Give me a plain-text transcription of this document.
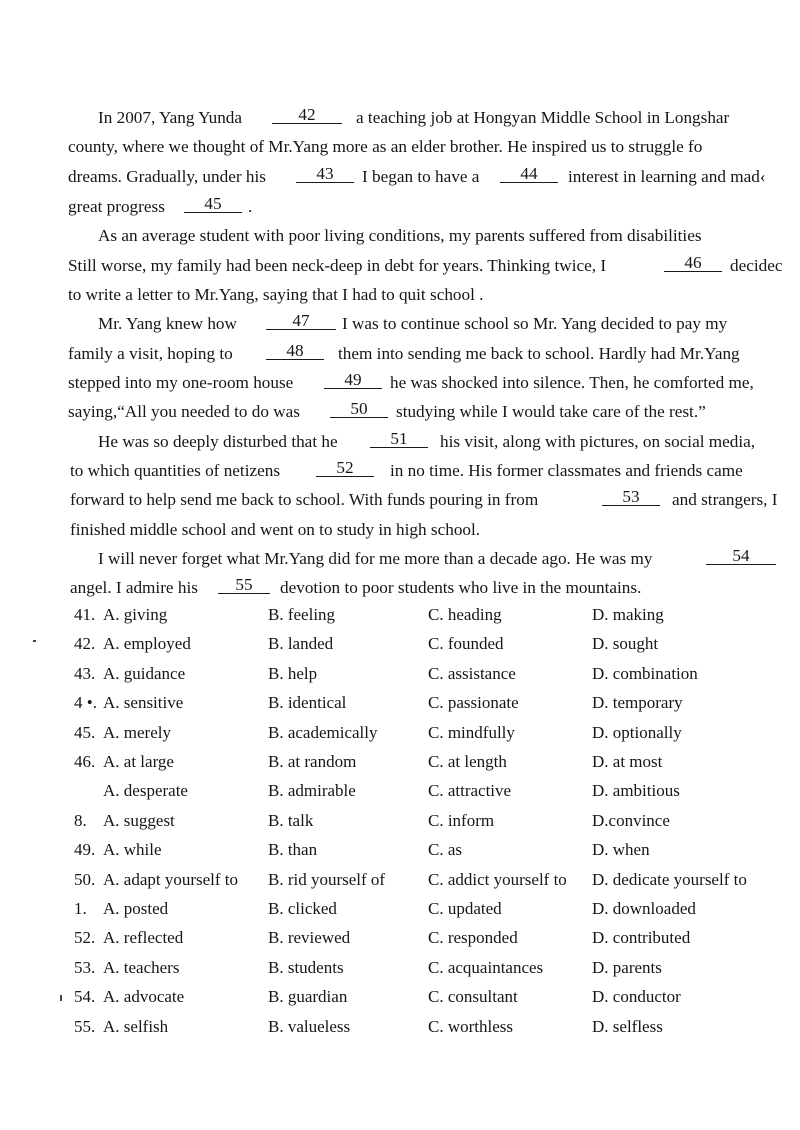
In 2007, Yang Yunda	42	a teaching job at Hongyan Middle School in Longshar
county, where we thought of Mr.Yang more as an elder brother. He inspired us to struggle fo
dreams. Gradually, under his	43	I began to have a	44	interest in learning and mad‹
great progress	45	.
As an average student with poor living conditions, my parents suffered from disabilities
Still worse, my family had been neck-deep in debt for years. Thinking twice, I	46	decidec
to write a letter to Mr.Yang, saying that I had to quit school .
Mr. Yang knew how	47	I was to continue school so Mr. Yang decided to pay my
family a visit, hoping to	48	them into sending me back to school. Hardly had Mr.Yang
stepped into my one-room house	49	he was shocked into silence. Then, he comforted me,
saying,“All you needed to do was	50	studying while I would take care of the rest.”
He was so deeply disturbed that he	51	his visit, along with pictures, on social media,
to which quantities of netizens	52	in no time. His former classmates and friends came
forward to help send me back to school. With funds pouring in from	53	and strangers, I
finished middle school and went on to study in high school.
I will never forget what Mr.Yang did for me more than a decade ago. He was my	54
angel. I admire his	55	devotion to poor students who live in the mountains.
41. A. giving	B. feeling	C. heading	D. making
42. A. employed	B. landed	C. founded	D. sought
43. A. guidance	B. help	C. assistance	D. combination
4 •. A. sensitive	B. identical	C. passionate	D. temporary
45. A. merely	B. academically	C. mindfully	D. optionally
46. A. at large	B. at random	C. at length	D. at most
A. desperate	B. admirable	C. attractive	D. ambitious
8. A. suggest	B. talk	C. inform	D.convince
49. A. while	B. than	C. as	D. when
50. A. adapt yourself to B. rid yourself of	C. addict yourself to D. dedicate yourself to
1. A. posted	B. clicked	C. updated	D. downloaded
52. A. reflected	B. reviewed	C. responded	D. contributed
53. A. teachers	B. students	C. acquaintances	D. parents
54. A. advocate	B. guardian	C. consultant	D. conductor
55. A. selfish	B. valueless	C. worthless	D. selfless
